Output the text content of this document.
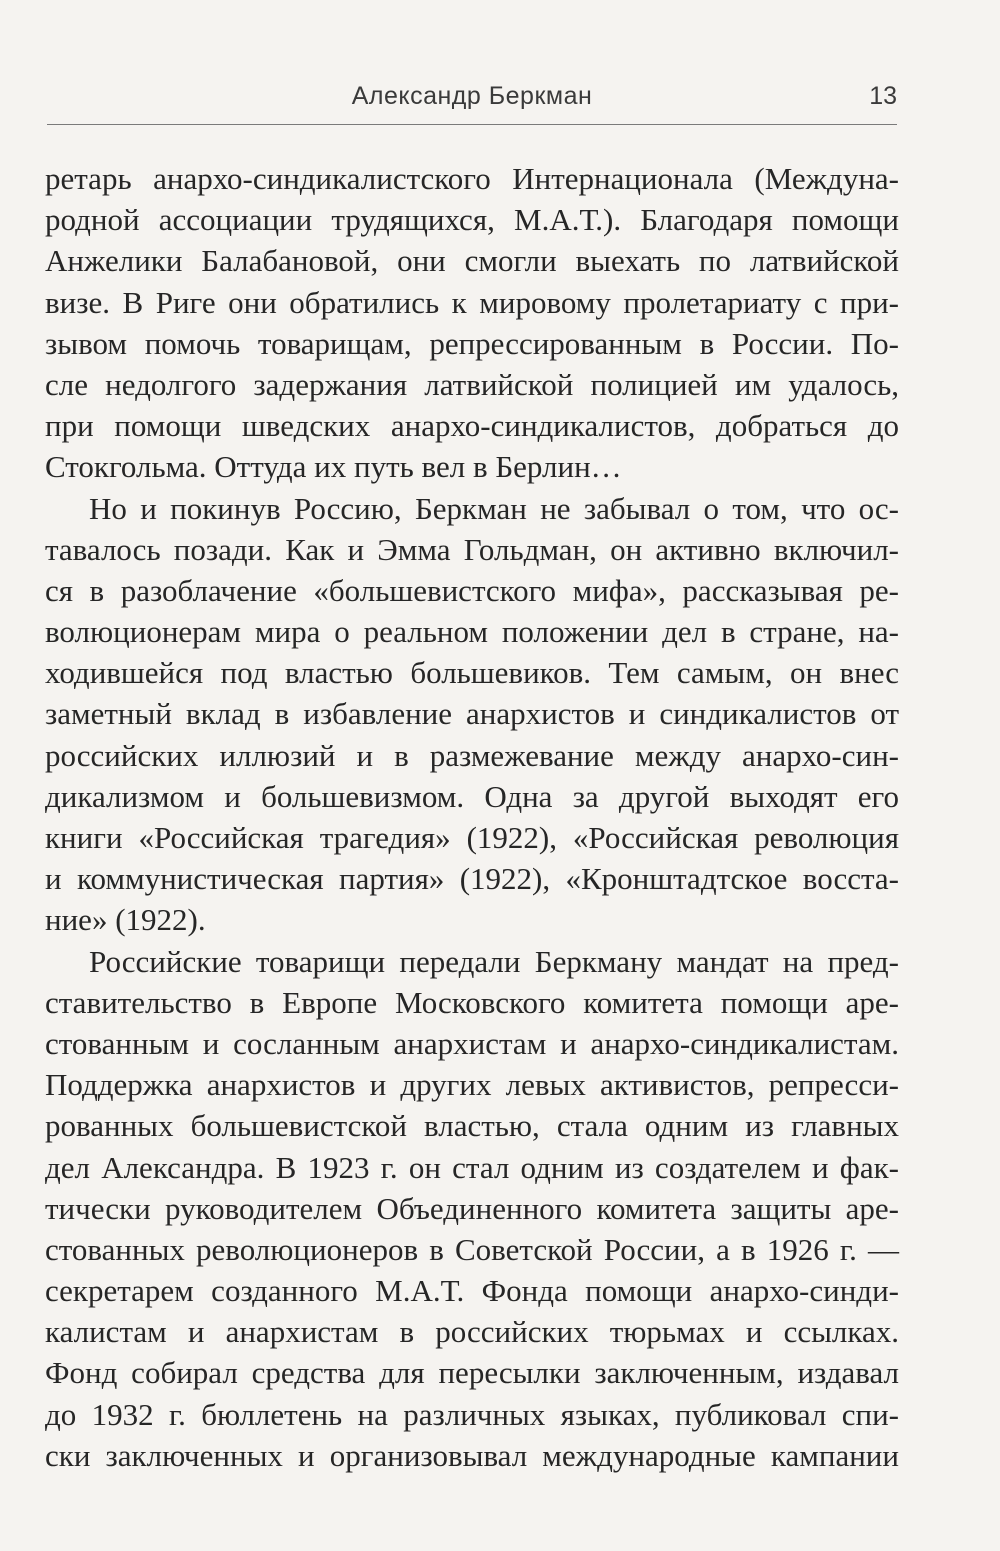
Александр Беркман	13
ретарь анархо-синдикалистского Интернационала (Междуна-
родной ассоциации трудящихся, М.А.Т.). Благодаря помощи
Анжелики Балабановой, они смогли выехать по латвийской
визе. В Риге они обратились к мировому пролетариату с при-
зывом помочь товарищам, репрессированным в России. По-
сле недолгого задержания латвийской полицией им удалось,
при помощи шведских анархо-синдикалистов, добраться до
Стокгольма. Оттуда их путь вел в Берлин…
Но и покинув Россию, Беркман не забывал о том, что ос-
тавалось позади. Как и Эмма Гольдман, он активно включил-
ся в разоблачение «большевистского мифа», рассказывая ре-
волюционерам мира о реальном положении дел в стране, на-
ходившейся под властью большевиков. Тем самым, он внес
заметный вклад в избавление анархистов и синдикалистов от
российских иллюзий и в размежевание между анархо-син-
дикализмом и большевизмом. Одна за другой выходят его
книги «Российская трагедия» (1922), «Российская революция
и коммунистическая партия» (1922), «Кронштадтское восста-
ние» (1922).
Российские товарищи передали Беркману мандат на пред-
ставительство в Европе Московского комитета помощи аре-
стованным и сосланным анархистам и анархо-синдикалистам.
Поддержка анархистов и других левых активистов, репресси-
рованных большевистской властью, стала одним из главных
дел Александра. В 1923 г. он стал одним из создателем и фак-
тически руководителем Объединенного комитета защиты аре-
стованных революционеров в Советской России, а в 1926 г. —
секретарем созданного М.А.Т. Фонда помощи анархо-синди-
калистам и анархистам в российских тюрьмах и ссылках.
Фонд собирал средства для пересылки заключенным, издавал
до 1932 г. бюллетень на различных языках, публиковал спи-
ски заключенных и организовывал международные кампании
